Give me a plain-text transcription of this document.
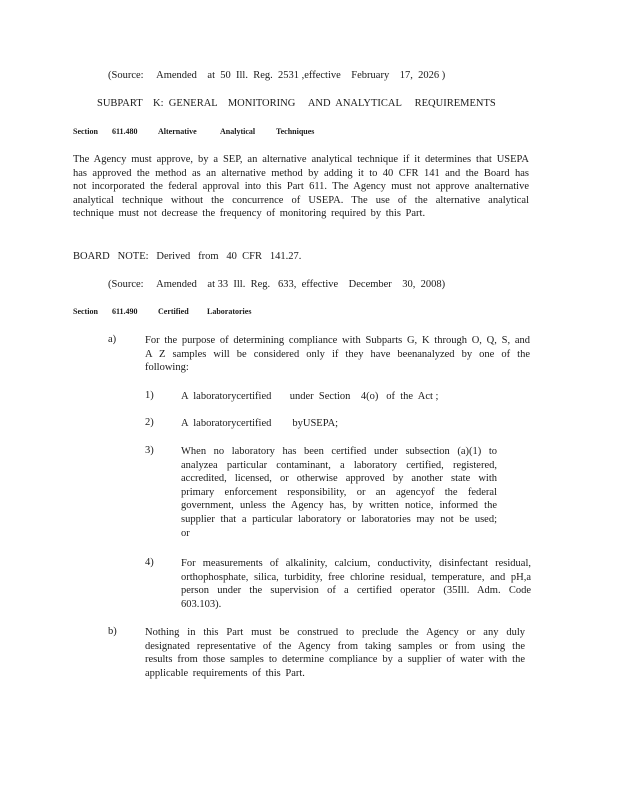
(Source:     Amended    at  50  Ill.  Reg.  2531 ,effective    February    17,  2026 )
SUBPART    K:  GENERAL    MONITORING     AND  ANALYTICAL     REQUIREMENTS
Section 611.480	Alternative	Analytical	Techniques
The Agency must approve, by a SEP, an alternative analytical technique if it determines that USEPA has approved the method as an alternative method by adding it to 40 CFR 141 and the Board has not incorporated the federal approval into this Part 611. The Agency must not approve analternative analytical technique without the concurrence of USEPA. The use of the alternative analytical technique must not decrease the frequency of monitoring required by this Part.
BOARD   NOTE:   Derived   from   40  CFR   141.27.
(Source:     Amended    at 33  Ill.  Reg.   633,  effective    December    30,  2008)
Section 611.490	Certified Laboratories
a)	For the purpose of determining compliance with Subparts G, K through O, Q, S, and A Z samples will be considered only if they have beenanalyzed by one of the following:
1)	A  laboratorycertified       under  Section    4(o)   of  the  Act ;
2)	A  laboratorycertified        byUSEPA;
3)	When no laboratory has been certified under subsection (a)(1) to analyzea particular contaminant, a laboratory certified, registered, accredited, licensed, or otherwise approved by another state with primary enforcement responsibility, or an agencyof the federal government, unless the Agency has, by written notice, informed the supplier that a particular laboratory or laboratories may not be used; or
4)	For measurements of alkalinity, calcium, conductivity, disinfectant residual, orthophosphate, silica, turbidity, free chlorine residual, temperature, and pH,a person under the supervision of a certified operator (35Ill. Adm. Code 603.103).
b)	Nothing in this Part must be construed to preclude the Agency or any duly designated representative of the Agency from taking samples or from using the results from those samples to determine compliance by a supplier of water with the applicable requirements of this Part.
